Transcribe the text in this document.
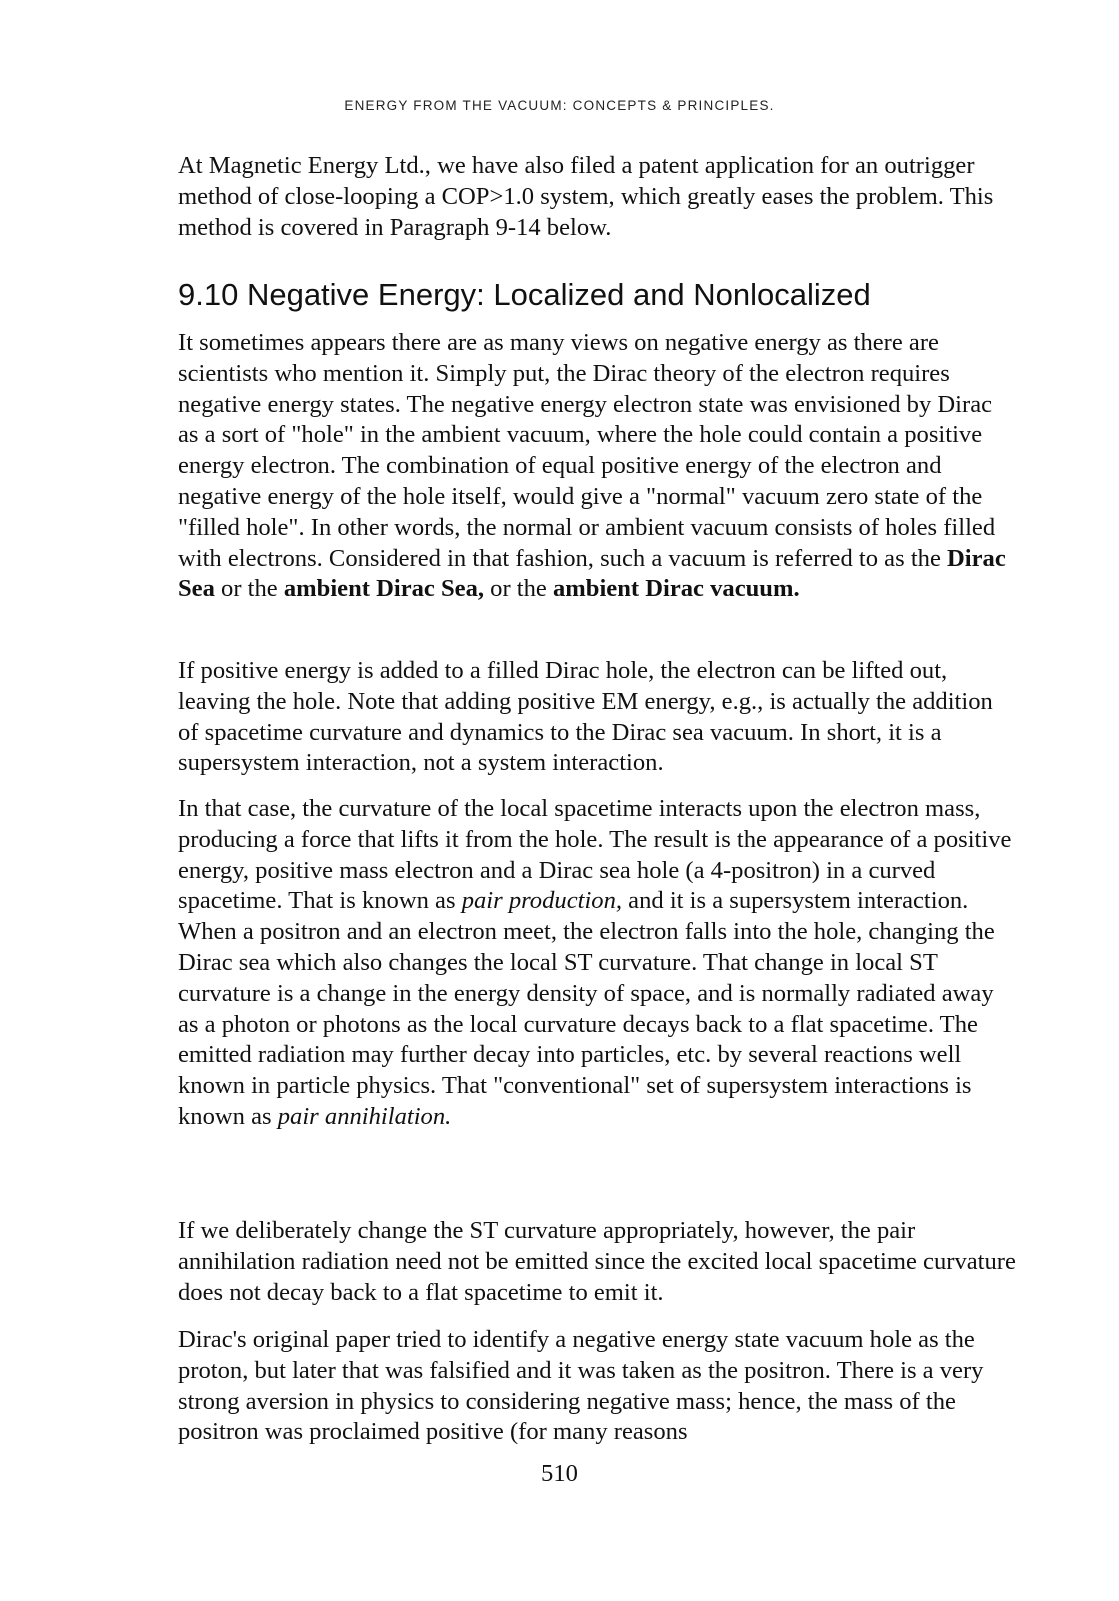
ENERGY FROM THE VACUUM: CONCEPTS & PRINCIPLES.

At Magnetic Energy Ltd., we have also filed a patent application for an outrigger method of close-looping a COP>1.0 system, which greatly eases the problem. This method is covered in Paragraph 9-14 below.

9.10 Negative Energy: Localized and Nonlocalized

It sometimes appears there are as many views on negative energy as there are scientists who mention it. Simply put, the Dirac theory of the electron requires negative energy states. The negative energy electron state was envisioned by Dirac as a sort of "hole" in the ambient vacuum, where the hole could contain a positive energy electron. The combination of equal positive energy of the electron and negative energy of the hole itself, would give a "normal" vacuum zero state of the "filled hole". In other words, the normal or ambient vacuum consists of holes filled with electrons. Considered in that fashion, such a vacuum is referred to as the Dirac Sea or the ambient Dirac Sea, or the ambient Dirac vacuum.

If positive energy is added to a filled Dirac hole, the electron can be lifted out, leaving the hole. Note that adding positive EM energy, e.g., is actually the addition of spacetime curvature and dynamics to the Dirac sea vacuum. In short, it is a supersystem interaction, not a system interaction.

In that case, the curvature of the local spacetime interacts upon the electron mass, producing a force that lifts it from the hole. The result is the appearance of a positive energy, positive mass electron and a Dirac sea hole (a 4-positron) in a curved spacetime. That is known as pair production, and it is a supersystem interaction. When a positron and an electron meet, the electron falls into the hole, changing the Dirac sea which also changes the local ST curvature. That change in local ST curvature is a change in the energy density of space, and is normally radiated away as a photon or photons as the local curvature decays back to a flat spacetime. The emitted radiation may further decay into particles, etc. by several reactions well known in particle physics. That "conventional" set of supersystem interactions is known as pair annihilation.

If we deliberately change the ST curvature appropriately, however, the pair annihilation radiation need not be emitted since the excited local spacetime curvature does not decay back to a flat spacetime to emit it.

Dirac's original paper tried to identify a negative energy state vacuum hole as the proton, but later that was falsified and it was taken as the positron. There is a very strong aversion in physics to considering negative mass; hence, the mass of the positron was proclaimed positive (for many reasons

510
